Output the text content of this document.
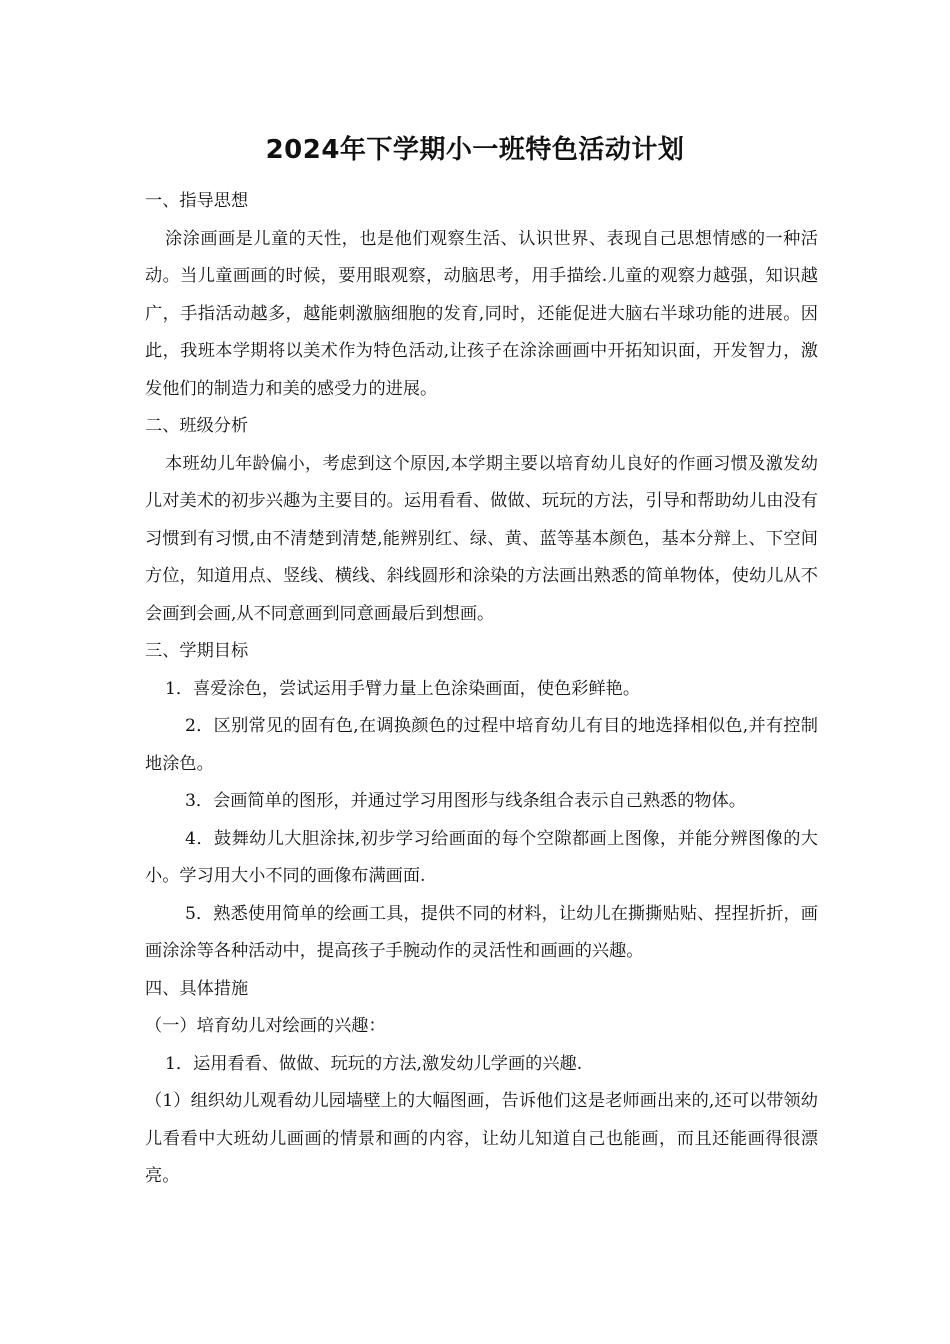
2024年下学期小一班特色活动计划

一、指导思想

涂涂画画是儿童的天性，也是他们观察生活、认识世界、表现自己思想情感的一种活动。当儿童画画的时候，要用眼观察，动脑思考，用手描绘.儿童的观察力越强，知识越广，手指活动越多，越能刺激脑细胞的发育,同时，还能促进大脑右半球功能的进展。因此，我班本学期将以美术作为特色活动,让孩子在涂涂画画中开拓知识面，开发智力，激发他们的制造力和美的感受力的进展。

二、班级分析

本班幼儿年龄偏小，考虑到这个原因,本学期主要以培育幼儿良好的作画习惯及激发幼儿对美术的初步兴趣为主要目的。运用看看、做做、玩玩的方法，引导和帮助幼儿由没有习惯到有习惯,由不清楚到清楚,能辨别红、绿、黄、蓝等基本颜色，基本分辩上、下空间方位，知道用点、竖线、横线、斜线圆形和涂染的方法画出熟悉的简单物体，使幼儿从不会画到会画,从不同意画到同意画最后到想画。

三、学期目标

1．喜爱涂色，尝试运用手臂力量上色涂染画面，使色彩鲜艳。

2．区别常见的固有色,在调换颜色的过程中培育幼儿有目的地选择相似色,并有控制地涂色。

3．会画简单的图形，并通过学习用图形与线条组合表示自己熟悉的物体。

4．鼓舞幼儿大胆涂抹,初步学习给画面的每个空隙都画上图像，并能分辨图像的大小。学习用大小不同的画像布满画面.

5．熟悉使用简单的绘画工具，提供不同的材料，让幼儿在撕撕贴贴、捏捏折折，画画涂涂等各种活动中，提高孩子手腕动作的灵活性和画画的兴趣。

四、具体措施

（一）培育幼儿对绘画的兴趣：

1．运用看看、做做、玩玩的方法,激发幼儿学画的兴趣.

（1）组织幼儿观看幼儿园墙壁上的大幅图画，告诉他们这是老师画出来的,还可以带领幼儿看看中大班幼儿画画的情景和画的内容，让幼儿知道自己也能画，而且还能画得很漂亮。
